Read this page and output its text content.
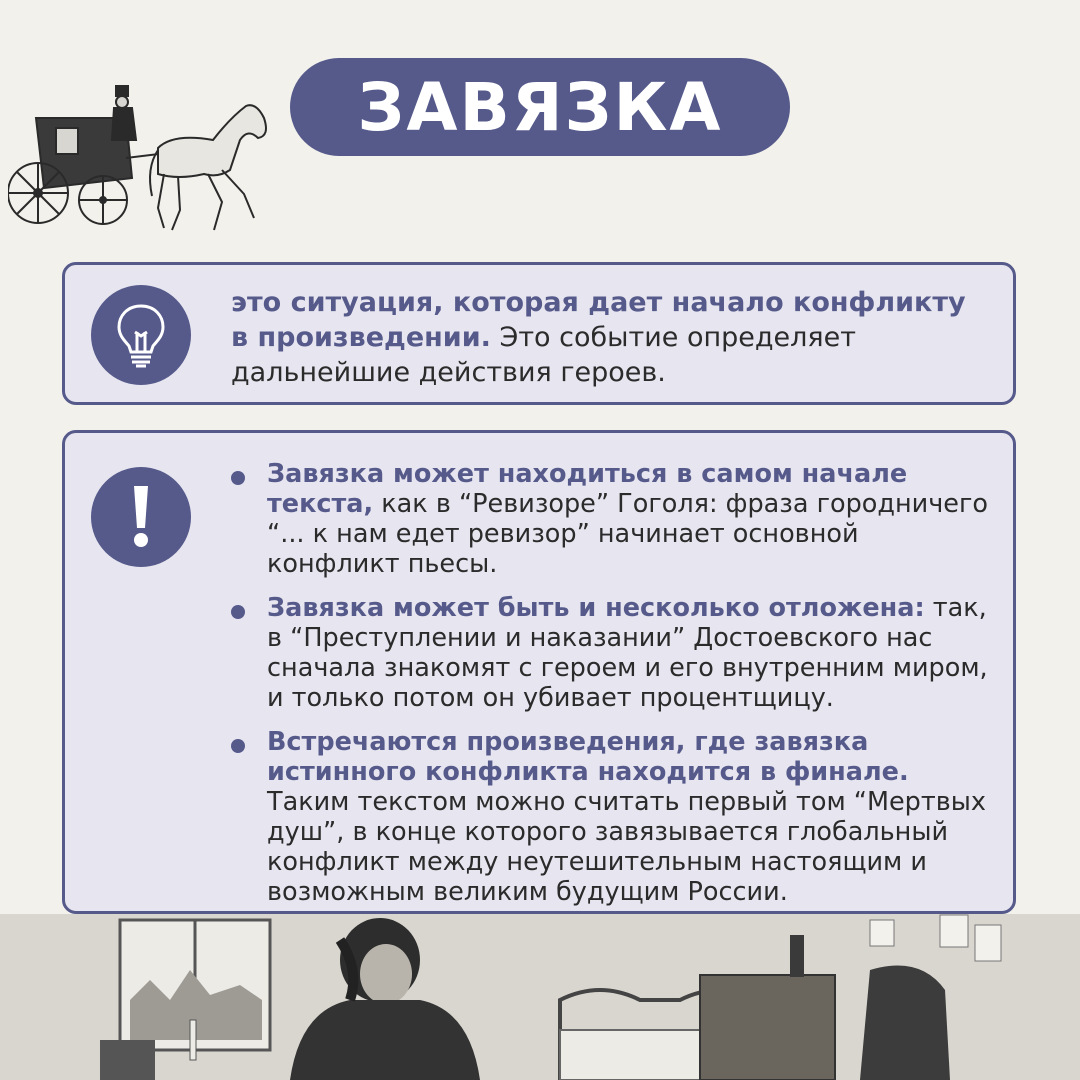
ЗАВЯЗКА
это ситуация, которая дает начало конфликту в произведении. Это событие определяет дальнейшие действия героев.
Завязка может находиться в самом начале текста, как в “Ревизоре” Гоголя: фраза городничего “... к нам едет ревизор” начинает основной конфликт пьесы.
Завязка может быть и несколько отложена: так, в “Преступлении и наказании” Достоевского нас сначала знакомят с героем и его внутренним миром, и только потом он убивает процентщицу.
Встречаются произведения, где завязка истинного конфликта находится в финале. Таким текстом можно считать первый том “Мертвых душ”, в конце которого завязывается глобальный конфликт между неутешительным настоящим и возможным великим будущим России.
